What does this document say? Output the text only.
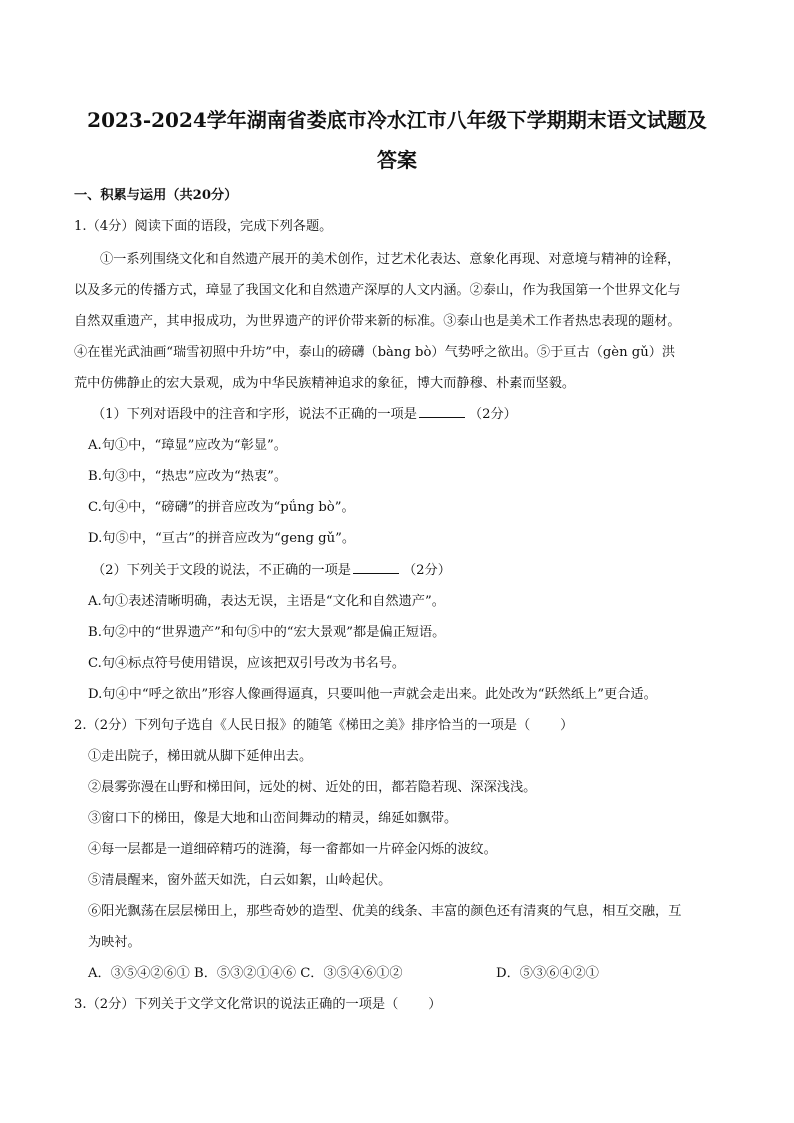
2023-2024学年湖南省娄底市冷水江市八年级下学期期末语文试题及
答案
一、积累与运用（共20分）
1.（4分）阅读下面的语段，完成下列各题。
①一系列围绕文化和自然遗产展开的美术创作，过艺术化表达、意象化再现、对意境与精神的诠释，
以及多元的传播方式，璋显了我国文化和自然遗产深厚的人文内涵。②泰山，作为我国第一个世界文化与
自然双重遗产，其申报成功，为世界遗产的评价带来新的标准。③泰山也是美术工作者热忠表现的题材。
④在崔光武油画“瑞雪初照中升坊”中，泰山的磅礴（bàng bò）气势呼之欲出。⑤于亘古（gèn gǔ）洪
荒中仿佛静止的宏大景观，成为中华民族精神追求的象征，博大而静穆、朴素而坚毅。
（1）下列对语段中的注音和字形，说法不正确的一项是	（2分）
A.句①中，“璋显”应改为“彰显”。
B.句③中，“热忠”应改为“热衷”。
C.句④中，“磅礴”的拼音应改为“pǘng bò”。
D.句⑤中，“亘古”的拼音应改为“geng gǔ”。
（2）下列关于文段的说法，不正确的一项是	（2分）
A.句①表述清晰明确，表达无误，主语是“文化和自然遗产”。
B.句②中的“世界遗产”和句⑤中的“宏大景观”都是偏正短语。
C.句④标点符号使用错误，应该把双引号改为书名号。
D.句④中“呼之欲出”形容人像画得逼真，只要叫他一声就会走出来。此处改为“跃然纸上”更合适。
2.（2分）下列句子选自《人民日报》的随笔《梯田之美》排序恰当的一项是（ ）
①走出院子，梯田就从脚下延伸出去。
②晨雾弥漫在山野和梯田间，远处的树、近处的田，都若隐若现、深深浅浅。
③窗口下的梯田，像是大地和山峦间舞动的精灵，绵延如飘带。
④每一层都是一道细碎精巧的涟漪，每一畲都如一片碎金闪烁的波纹。
⑤清晨醒来，窗外蓝天如洗，白云如絮，山岭起伏。
⑥阳光飘荡在层层梯田上，那些奇妙的造型、优美的线条、丰富的颜色还有清爽的气息，相互交融，互
为映衬。
A．③⑤④②⑥① B．⑤③②①④⑥ C．③⑤④⑥①②	D．⑤③⑥④②①
3.（2分）下列关于文学文化常识的说法正确的一项是（ ）
